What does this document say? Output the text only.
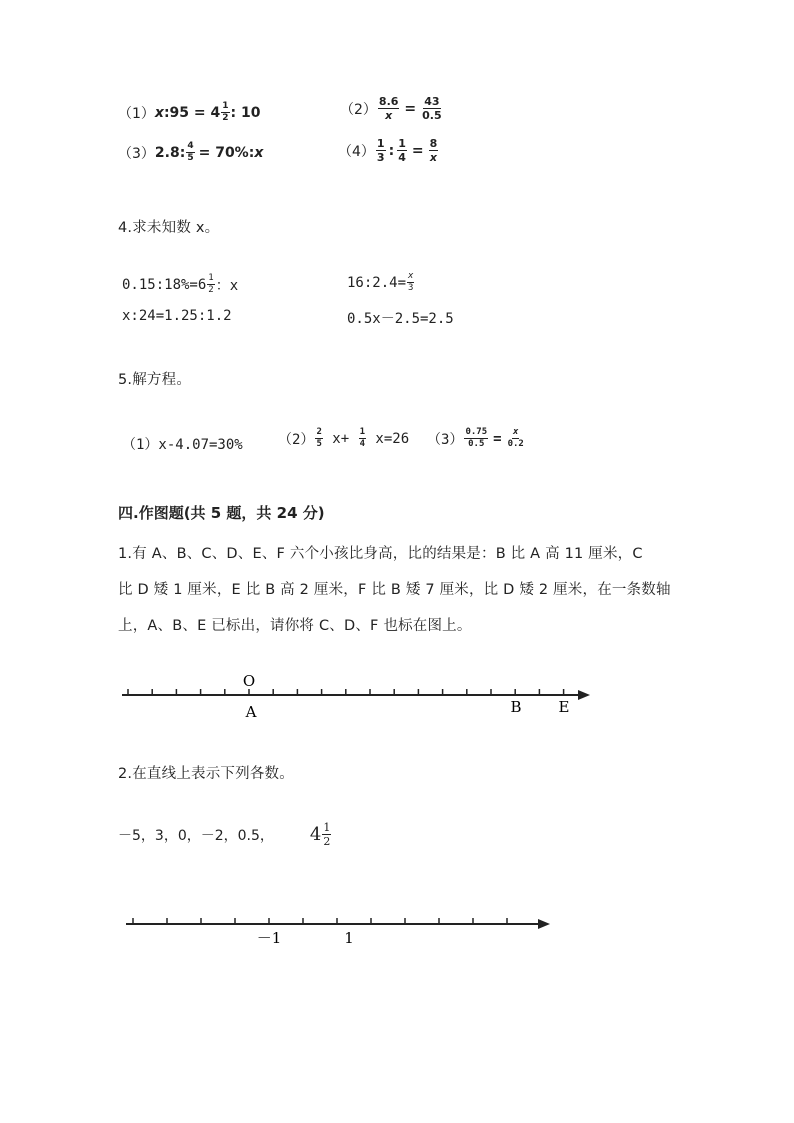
（1） x :95 = $4 \frac{1}{2}$ : 10	$(2) \frac{8.6}{x} = \frac{43}{0.5}$
（3） 2.8: $\frac{4}{5} = 70\%$: x	$(4) \frac{1}{3}$ : $\frac{1}{4} = \frac{8}{x}$
4.求未知数 x。
0.15:18%=6 $\frac{1}{2}$ ：x	16:2.4= $\frac{x}{3}$
x:24=1.25:1.2	0.5x－2.5=2.5
5.解方程。
（1）x-4.07=30%	$(2) \frac{2}{5} x+ \frac{1}{4} x=26$ $(3) \frac{0.75}{0.5} = \frac{x}{0.2}$
四.作图题(共 5 题，共 24 分)
1.有 A、B、C、D、E、F 六个小孩比身高，比的结果是：B 比 A 高 11 厘米，C
比 D 矮 1 厘米，E 比 B 高 2 厘米，F 比 B 矮 7 厘米，比 D 矮 2 厘米，在一条数轴
上，A、B、E 已标出，请你将 C、D、F 也标在图上。
O
A	B E
2.在直线上表示下列各数。
－5，3，0，－2，0.5， $4 \frac{1}{2}$
－1	1
